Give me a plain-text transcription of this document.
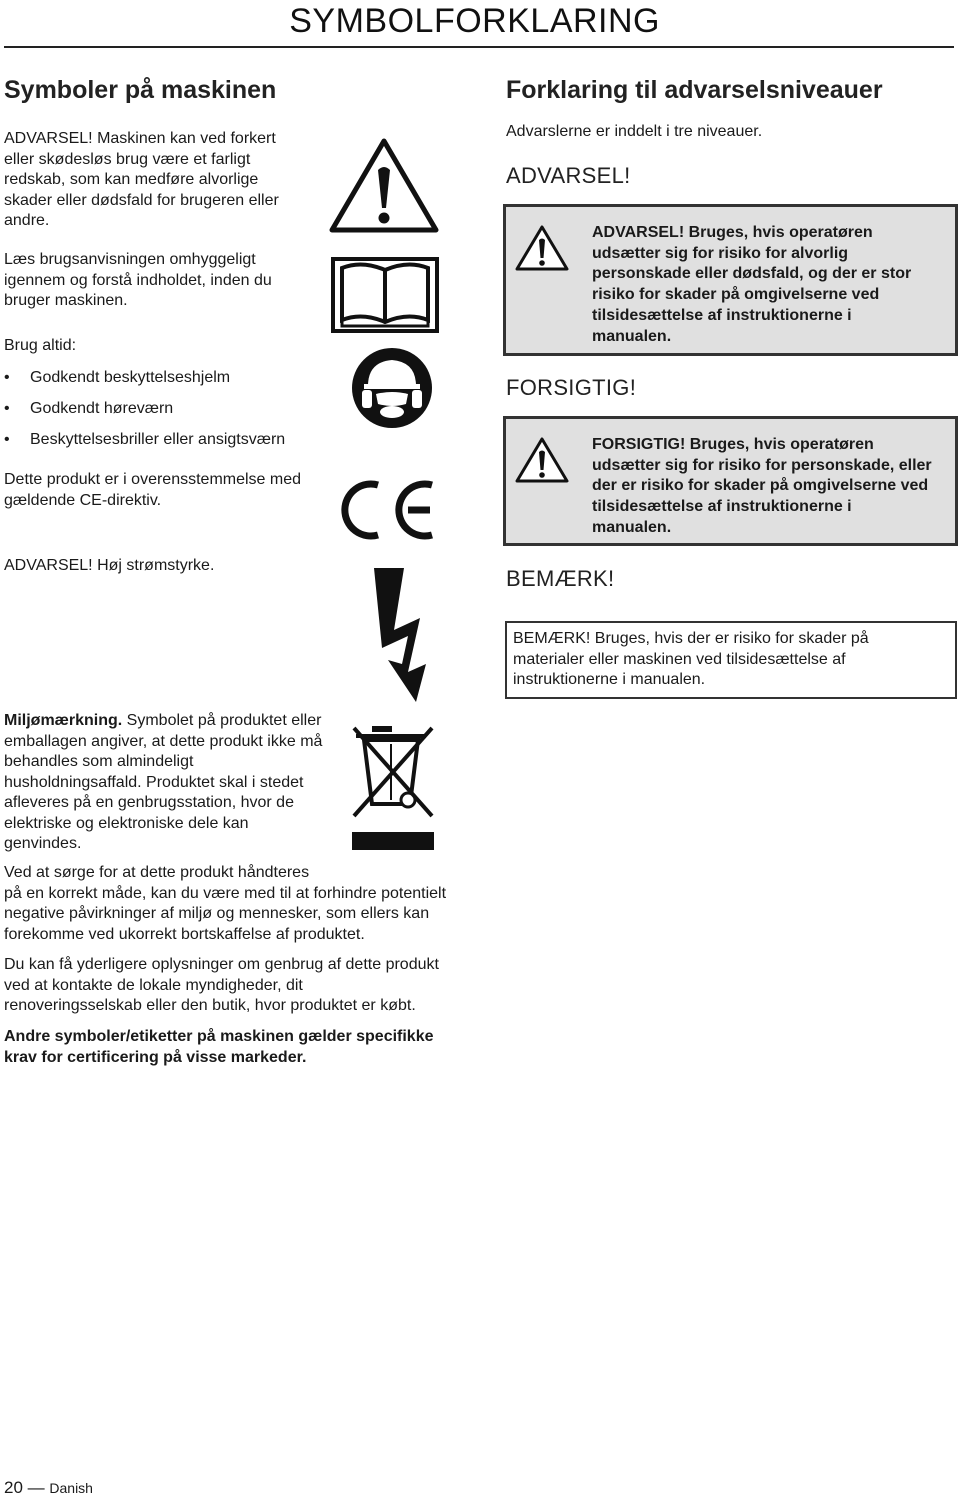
SYMBOLFORKLARING
Symboler på maskinen

ADVARSEL! Maskinen kan ved forkert

eller skødesløs brug være et farligt

redskab, som kan medføre alvorlige

skader eller dødsfald for brugeren eller

andre.

Læs brugsanvisningen omhyggeligt

igennem og forstå indholdet, inden du

bruger maskinen.

Brug altid:

• Godkendt beskyttelseshjelm
• Godkendt høreværn
• Beskyttelsesbriller eller ansigtsværn

Dette produkt er i overensstemmelse med

gældende CE-direktiv.

ADVARSEL! Høj strømstyrke.

Miljømærkning. Symbolet på produktet eller

emballagen angiver, at dette produkt ikke må

behandles som almindeligt

husholdningsaffald. Produktet skal i stedet

afleveres på en genbrugsstation, hvor de

elektriske og elektroniske dele kan

genvindes.

Ved at sørge for at dette produkt håndteres

på en korrekt måde, kan du være med til at forhindre potentielt

negative påvirkninger af miljø og mennesker, som ellers kan

forekomme ved ukorrekt bortskaffelse af produktet.

Du kan få yderligere oplysninger om genbrug af dette produkt

ved at kontakte de lokale myndigheder, dit

renoveringsselskab eller den butik, hvor produktet er købt.

Andre symboler/etiketter på maskinen gælder specifikke

krav for certificering på visse markeder.

Forklaring til advarselsniveauer

Advarslerne er inddelt i tre niveauer.

ADVARSEL!
ADVARSEL! Bruges, hvis operatøren
udsætter sig for risiko for alvorlig
personskade eller dødsfald, og der er stor
risiko for skader på omgivelserne ved
tilsidesættelse af instruktionerne i
manualen.
FORSIGTIG!
FORSIGTIG! Bruges, hvis operatøren
udsætter sig for risiko for personskade, eller
der er risiko for skader på omgivelserne ved
tilsidesættelse af instruktionerne i
manualen.
BEMÆRK!
BEMÆRK! Bruges, hvis der er risiko for skader på
materialer eller maskinen ved tilsidesættelse af
instruktionerne i manualen.
20 — Danish
